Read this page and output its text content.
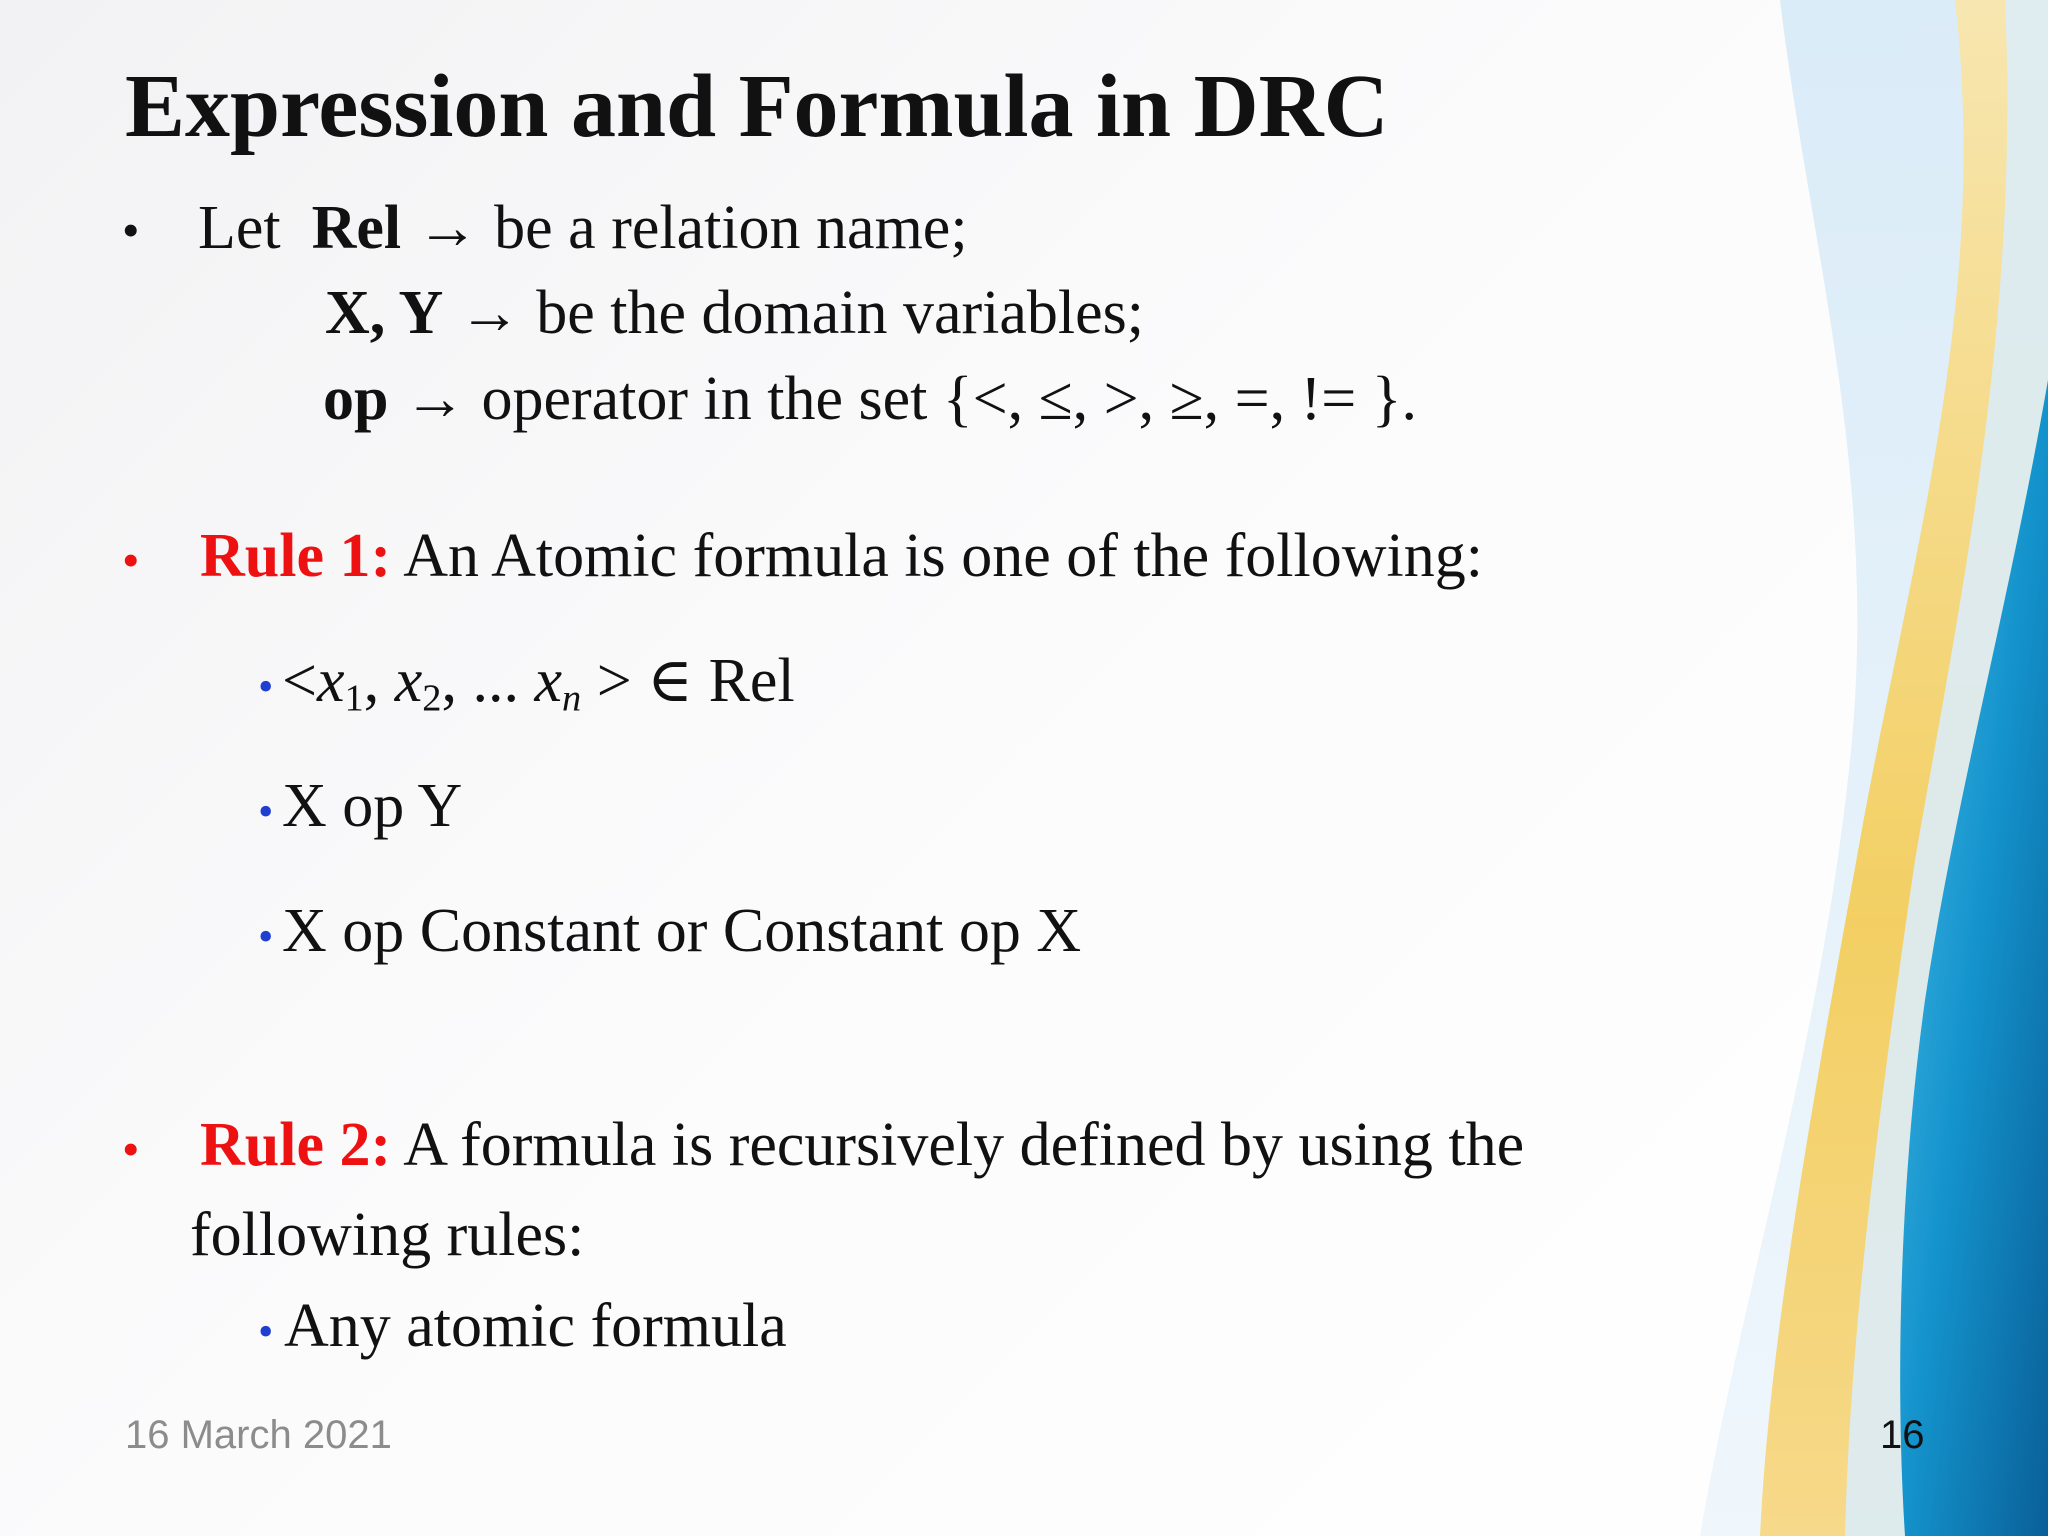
Expression and Formula in DRC
• Let Rel → be a relation name;
X, Y → be the domain variables;
op → operator in the set {<, ≤, >, ≥, =, != }.
• Rule 1: An Atomic formula is one of the following:
• $<x_1$, $x_2$, ... $x_n$ > ∈ Rel
• X op Y
• X op Constant or Constant op X
• Rule 2: A formula is recursively defined by using the
following rules:
• Any atomic formula
16 March 2021	16
